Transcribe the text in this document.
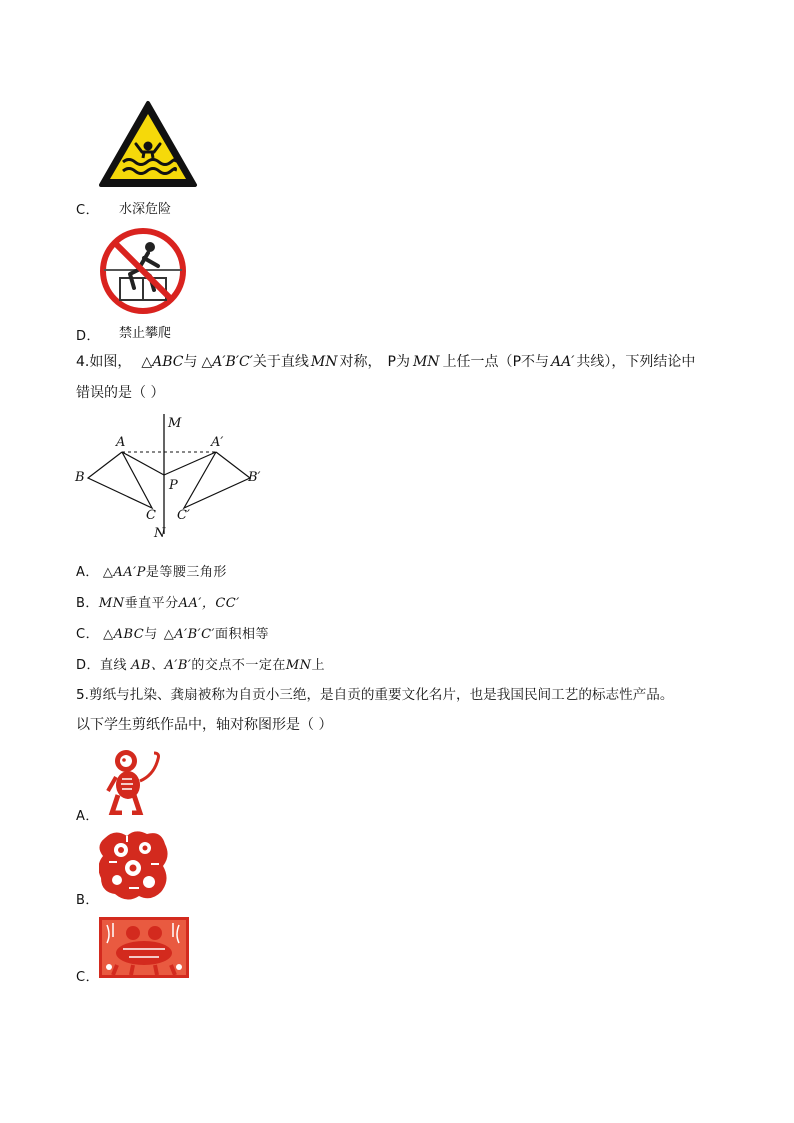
C． 水深危险
D． 禁止攀爬
4.如图， △ABC与 △A′B′C′关于直线 MN 对称， P为 MN 上任一点（P不与 AA′ 共线），下列结论中
错误的是（ ）
M
N
A	A′
B	B′
C C′
P
A． △AA′P是等腰三角形
B．MN垂直平分AA′，CC′
C． △ABC与 △A′B′C′面积相等
D．直线 AB、A′B′的交点不一定在MN上
5.剪纸与扎染、龚扇被称为自贡小三绝，是自贡的重要文化名片，也是我国民间工艺的标志性产品。
以下学生剪纸作品中，轴对称图形是（ ）
A．
B．
C．
